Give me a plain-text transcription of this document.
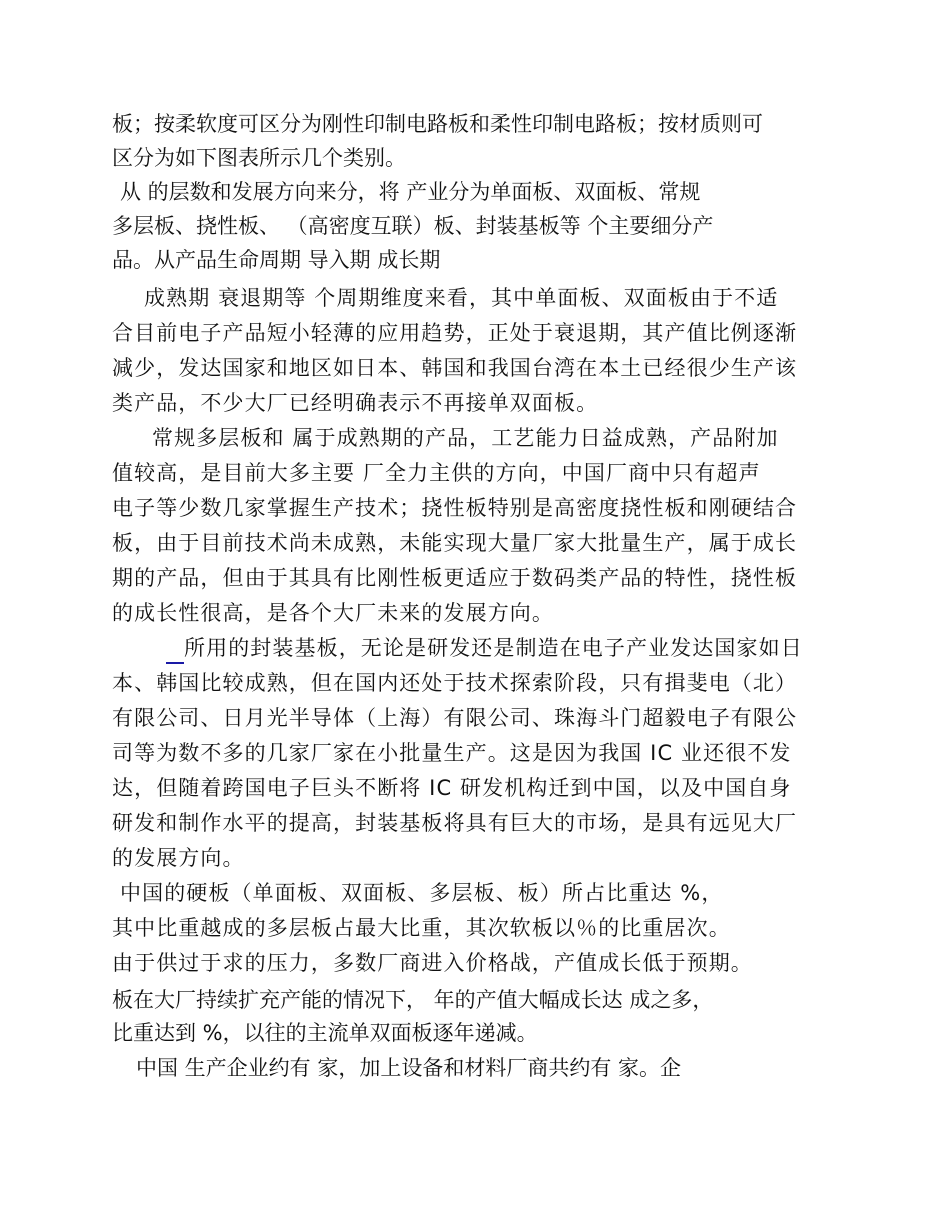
板；按柔软度可区分为刚性印制电路板和柔性印制电路板；按材质则可
区分为如下图表所示几个类别。
从 的层数和发展方向来分，将 产业分为单面板、双面板、常规
多层板、挠性板、 （高密度互联）板、封装基板等 个主要细分产
品。从产品生命周期 导入期 成长期
成熟期 衰退期等 个周期维度来看，其中单面板、双面板由于不适
合目前电子产品短小轻薄的应用趋势，正处于衰退期，其产值比例逐渐
减少，发达国家和地区如日本、韩国和我国台湾在本土已经很少生产该
类产品，不少大厂已经明确表示不再接单双面板。
常规多层板和 属于成熟期的产品，工艺能力日益成熟，产品附加
值较高，是目前大多主要 厂全力主供的方向，中国厂商中只有超声
电子等少数几家掌握生产技术；挠性板特别是高密度挠性板和刚硬结合
板，由于目前技术尚未成熟，未能实现大量厂家大批量生产，属于成长
期的产品，但由于其具有比刚性板更适应于数码类产品的特性，挠性板
的成长性很高，是各个大厂未来的发展方向。
所用的封装基板，无论是研发还是制造在电子产业发达国家如日
本、韩国比较成熟，但在国内还处于技术探索阶段，只有揖斐电（北）
有限公司、日月光半导体（上海）有限公司、珠海斗门超毅电子有限公
司等为数不多的几家厂家在小批量生产。这是因为我国 IC 业还很不发
达，但随着跨国电子巨头不断将 IC 研发机构迁到中国，以及中国自身
研发和制作水平的提高，封装基板将具有巨大的市场，是具有远见大厂
的发展方向。
中国的硬板（单面板、双面板、多层板、板）所占比重达 %，
其中比重越成的多层板占最大比重，其次软板以％的比重居次。
由于供过于求的压力，多数厂商进入价格战，产值成长低于预期。
板在大厂持续扩充产能的情况下， 年的产值大幅成长达 成之多，
比重达到 %，以往的主流单双面板逐年递减。
中国 生产企业约有 家，加上设备和材料厂商共约有 家。企
